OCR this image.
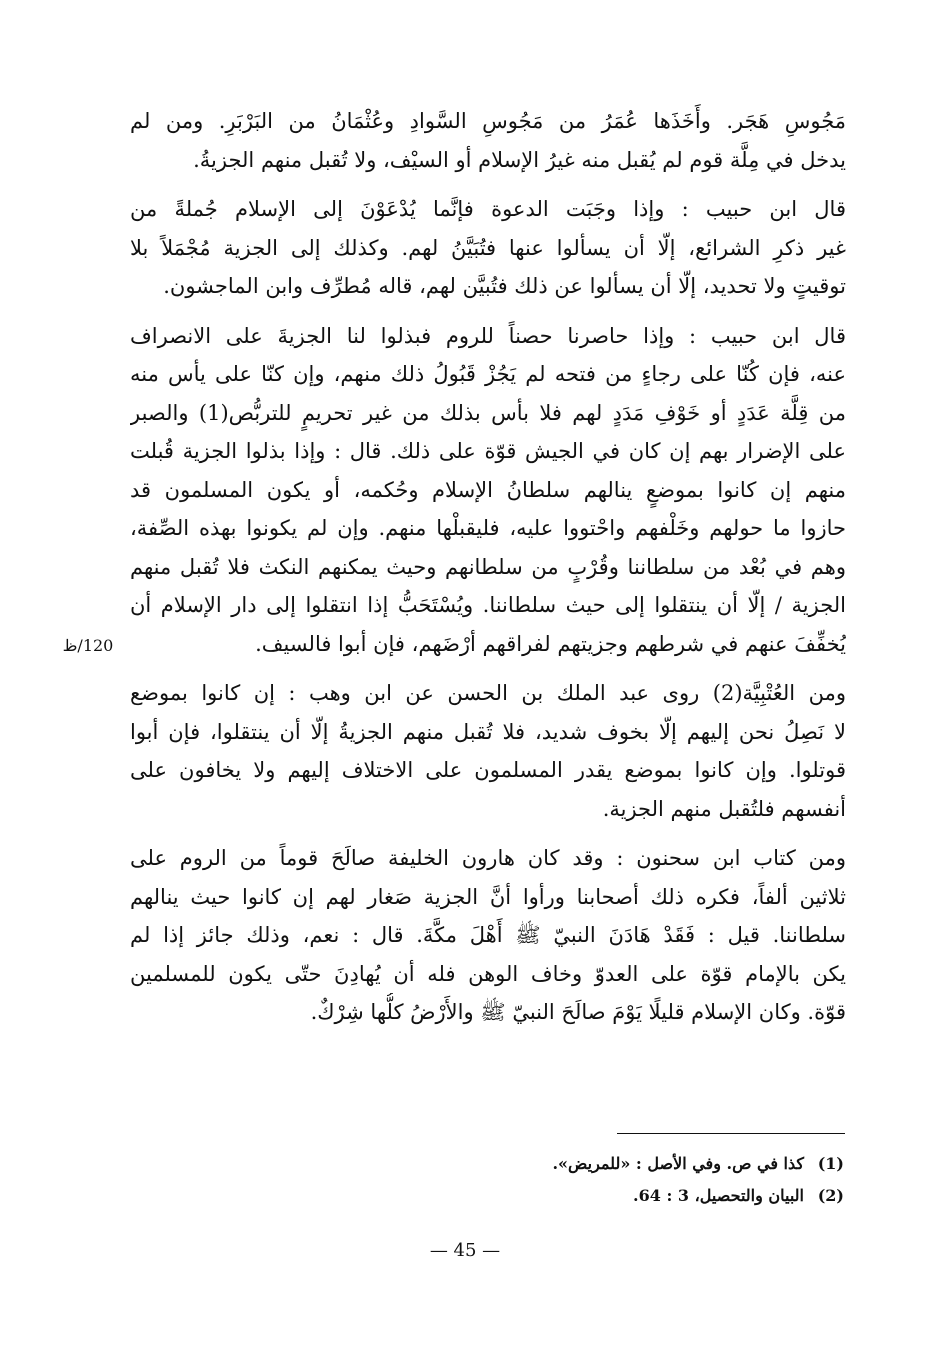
مَجُوسِ هَجَر. وأَخَذَها عُمَرُ من مَجُوسِ السَّوادِ وعُثْمَانُ من البَرْبَرِ. ومن لم
يدخل في مِلَّة قوم لم يُقبل منه غيرُ الإسلام أو السيْف، ولا تُقبل منهم الجزيةُ.
قال ابن حبيب : وإذا وجَبَت الدعوة فإنَّما يُدْعَوْنَ إلى الإسلام جُملةً من
غير ذكرِ الشرائع، إلّا أن يسألوا عنها فتُبَيَّنُ لهم. وكذلك إلى الجزية مُجْمَلاً بلا
توقيتٍ ولا تحديد، إلّا أن يسألوا عن ذلك فتُبيَّن لهم، قاله مُطرِّف وابن الماجشون.
قال ابن حبيب : وإذا حاصرنا حصناً للروم فبذلوا لنا الجزيةَ على الانصراف
عنه، فإن كُنّا على رجاءٍ من فتحه لم يَجُزْ قَبُولُ ذلك منهم، وإن كنّا على يأس منه
من قِلَّة عَدَدٍ أو خَوْفِ مَدَدٍ لهم فلا بأس بذلك من غير تحريمٍ للتربُّص(1) والصبر
على الإضرار بهم إن كان في الجيش قوّة على ذلك. قال : وإذا بذلوا الجزية قُبلت
منهم إن كانوا بموضعٍ ينالهم سلطانُ الإسلام وحُكمه، أو يكون المسلمون قد
حازوا ما حولهم وخَلْفهم واحْتووا عليه، فليقبلْها منهم. وإن لم يكونوا بهذه الصِّفة،
وهم في بُعْد من سلطاننا وقُرْبٍ من سلطانهم وحيث يمكنهم النكث فلا تُقبل منهم
الجزية / إلّا أن ينتقلوا إلى حيث سلطاننا. ويُسْتَحَبُّ إذا انتقلوا إلى دار الإسلام أن
يُخفِّفَ عنهم في شرطهم وجزيتهم لفراقهم أرْضَهم، فإن أبوا فالسيف.
ومن العُتْبِيَّة(2) روى عبد الملك بن الحسن عن ابن وهب : إن كانوا بموضع
لا نَصِلُ نحن إليهم إلّا بخوف شديد، فلا تُقبل منهم الجزيةُ إلّا أن ينتقلوا، فإن أبوا
قوتلوا. وإن كانوا بموضع يقدر المسلمون على الاختلاف إليهم ولا يخافون على
أنفسهم فلتُقبل منهم الجزية.
ومن كتاب ابن سحنون : وقد كان هارون الخليفة صالَحَ قوماً من الروم على
ثلاثين ألفاً، فكره ذلك أصحابنا ورأوا أنَّ الجزية صَغار لهم إن كانوا حيث ينالهم
سلطاننا. قيل : فَقَدْ هَادَنَ النبيّ ﷺ أَهْلَ مكَّةَ. قال : نعم، وذلك جائز إذا لم
يكن بالإمام قوّة على العدوّ وخاف الوهن فله أن يُهادِنَ حتّى يكون للمسلمين
قوّة. وكان الإسلام قليلًا يَوْمَ صالَحَ النبيّ ﷺ والأَرْضُ كلُّها شِرْكٌ.
120/ظ
(1)
كذا في ص. وفي الأصل : «للمريض».
(2)
البيان والتحصيل، 3 : 64.
— 45 —
